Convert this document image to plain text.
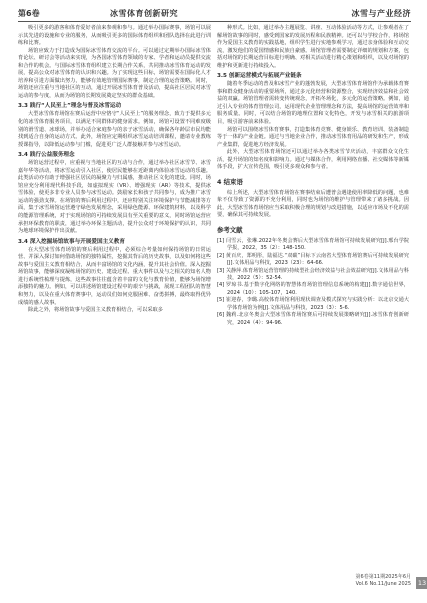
第6卷	冰雪体育创新研究	冰雪与产业经济

吸引更多的游客和体育爱好者前来参观和参与。通过举办国际赛事，场馆可以展示其先进的设施和专业的服务，从而吸引更多的国际体育组织和团队选择在此进行训练和比赛。

场馆应致力于打造成为国际冰雪体育交流的平台。可以通过定期举办国际冰雪体育论坛、研讨会等活动来实现，为各国冰雪体育领域的专家、学者和运动员提供交流和合作的机会。与国际冰雪体育组织建立长期合作关系，共同推动冰雪体育运动的发展，提高公众对冰雪体育的认识和兴趣。为了实现这些目标，场馆需要在国际化人才培养和引进方面做出努力，能够有效地管理国际赛事，制定合理的运营策略。同时，场馆还应注重与当地社区的互动，通过开展冰雪体育普及活动，提高社区居民对冰雪运动的参与度，从而为场馆的长期发展奠定坚实的群众基础。

3.3 践行“人民至上”理念与普及冰雪运动

大型冰雪体育场馆在赛后运营中应恪守“人民至上”的服务理念，致力于提供多元化的冰雪体育服务项目，以满足不同群体的健身需求。例如，场馆可设置不同难度级别的滑雪道、冰球场，并举办适合家庭参与的亲子冰雪活动，确保各年龄层市民均能找到适合自身的运动方式。此外，场馆应定期组织冰雪运动培训课程，邀请专业教练授课指导，以降低运动参与门槛，促进更广泛人群接触并参与冰雪运动。

3.4 践行公益服务理念

场馆运营过程中，应重视与当地社区的互动与合作，通过举办社区冰雪节、冰雪嘉年华等活动，将冰雪运动引入社区，使居民能够在近距离内体验冰雪运动的乐趣。此类活动亦有助于增强社区居民的凝聚力与归属感，推动社区文化的建设。同时，场馆应充分利用现代科技手段，如虚拟现实（VR）、增强现实（AR）等技术，提供冰雪体验，使更多非专业人员参与冰雪运动。鼓励家长和孩子共同参与，成为推广冰雪运动的强劲支撑。在场馆的赛后利用过程中，还应特别关注环境保护与节能减排等方面，集于冰雪场馆运营遵守绿色发展理念，采用绿色能源、环保建筑材料，以及科学的能源管理系统，对于实现场馆的可持续发展具有至关重要的意义，同时场馆运营应承担环保教育的职责，通过举办环保主题活动，提升公众对于环境保护的认识，共同为地球环境保护作出贡献。

3.4 深入挖掘场馆故事与开展爱国主义教育

在大型冰雪体育场馆的赛后利用过程中，必须综合考量如何保持场馆的日常运营、并深入探讨如何借助场馆的独特属性，挖掘其背后的历史故事，以及如何将这些故事与爱国主义教育相结合，从而丰富场馆的文化内涵，提升其社会价值。深入挖掘场馆故事，能够深度凝练场馆的历史、建设过程、重大事件以及与之相关的知名人物进行系统性梳理与提炼，这些故事往往蕴含着丰富的文化与教育价值，能够为场馆增添独特的魅力。例如，可以讲述场馆建设过程中的艰辛与挑战，展现工程团队的智慧和努力，以及在重大体育赛事中，运动员们如何克服困难、奋勇拼搏，最终取得优异成绩的感人故事。

除此之外，将场馆故事与爱国主义教育相结合，可以采取多

种形式。比如，通过举办主题展览、讲座、互动体验活动等方式，让参观者在了解场馆故事的同时，感受到国家的发展历程和民族精神。还可以与学校合作，将场馆作为爱国主义教育的实践基地，组织学生进行实地参观学习，通过亲身体验和互动交流，激发他们的爱国情感和民族自豪感。场馆管理者需要制定详细的规划和方案，包括对场馆的长期运营目标进行明确、对相关活动进行精心策划和组织，以及对场馆的维护和更新进行持续投入。

3.5 创新运营模式与拓展产业链条

随着冬季运动的普及和冰雪产业的蓬勃发展，大型冰雪体育场馆作为承载体育赛事和群众健身活动的重要场所，通过多元化经营和资源整合，实现经济效益和社会效益的双赢。场馆管理者需转变传统观念，开拓冬场化，多元化的运营策略。例如，通过引入专业的体育管理公司，运用现代企业管理理念和方法，提高场馆的运营效率和服务质量。同时，可以结合场馆的地理位置和文化特色，开发与冰雪相关的旅游项目，吸引游客前来体验。

场馆可以围绕冰雪体育赛事，打造集体育竞赛、健身娱乐、教育培训、装备制造等于一体的产业金链。通过与当地企业合作，推动冰雪体育用品的研发和生产，形成产业集群，促进地方经济发展。

此外，大型冰雪体育场馆还可以通过举办各类冰雪节庆活动，丰富群众文化生活，提升场馆的知名度和影响力。通过与媒体合作，利用网络直播、社交媒体等新媒体手段，扩大宣传范围，吸引更多观众和参与者。

4 结束语

综上所述，大型冰雪体育场馆在赛事结束后遭普会遇逢使用率降低的问题，也难象不仅导致了资源的不充分利用，同时也为场馆的维护与管理带来了诸多挑战。因此，大型冰雪体育场馆应当采取积极合理的规划与改进措施，以适应市场及不化的需要，确保其可持续发展。

参考文献
[1] 闫雪云，张琳.2022年冬奥会赛后大型冰雪体育场馆可持续发展研究[J].邢台学院学报，2022，35（2）：148-150.
[2] 黄百庆，郑明彤，陆福达.“双碳”目标下云南省大型体育场馆赛后可持续发展研究[J].文体用品与科技，2023（23）：64-66.
[3] 关静萍.体育场馆运营管理的持续型社会经济效益与社会效益研究[J].文体用品与科技，2022（5）：52-54.
[4] 罗琼书.基于数字化网络的智慧体育场馆管理信息系统的构建[J].数字通信世界，2024（10）：105-107，140.
[5] 崔迎春，李璐.高校体育场馆利用现状调查及模式探究与实践分析：以北京交通大学体育场馆为例[J].文体用品与科技，2023（3）：5-6.
[6] 魏莉.北京冬奥会大型冰雪体育场馆赛后可持续发展策略研究[J].冰雪体育创新研究，2024（4）：94-96.
第6卷第11期2025年6月
Vol.6 No.11/June 2025 13
